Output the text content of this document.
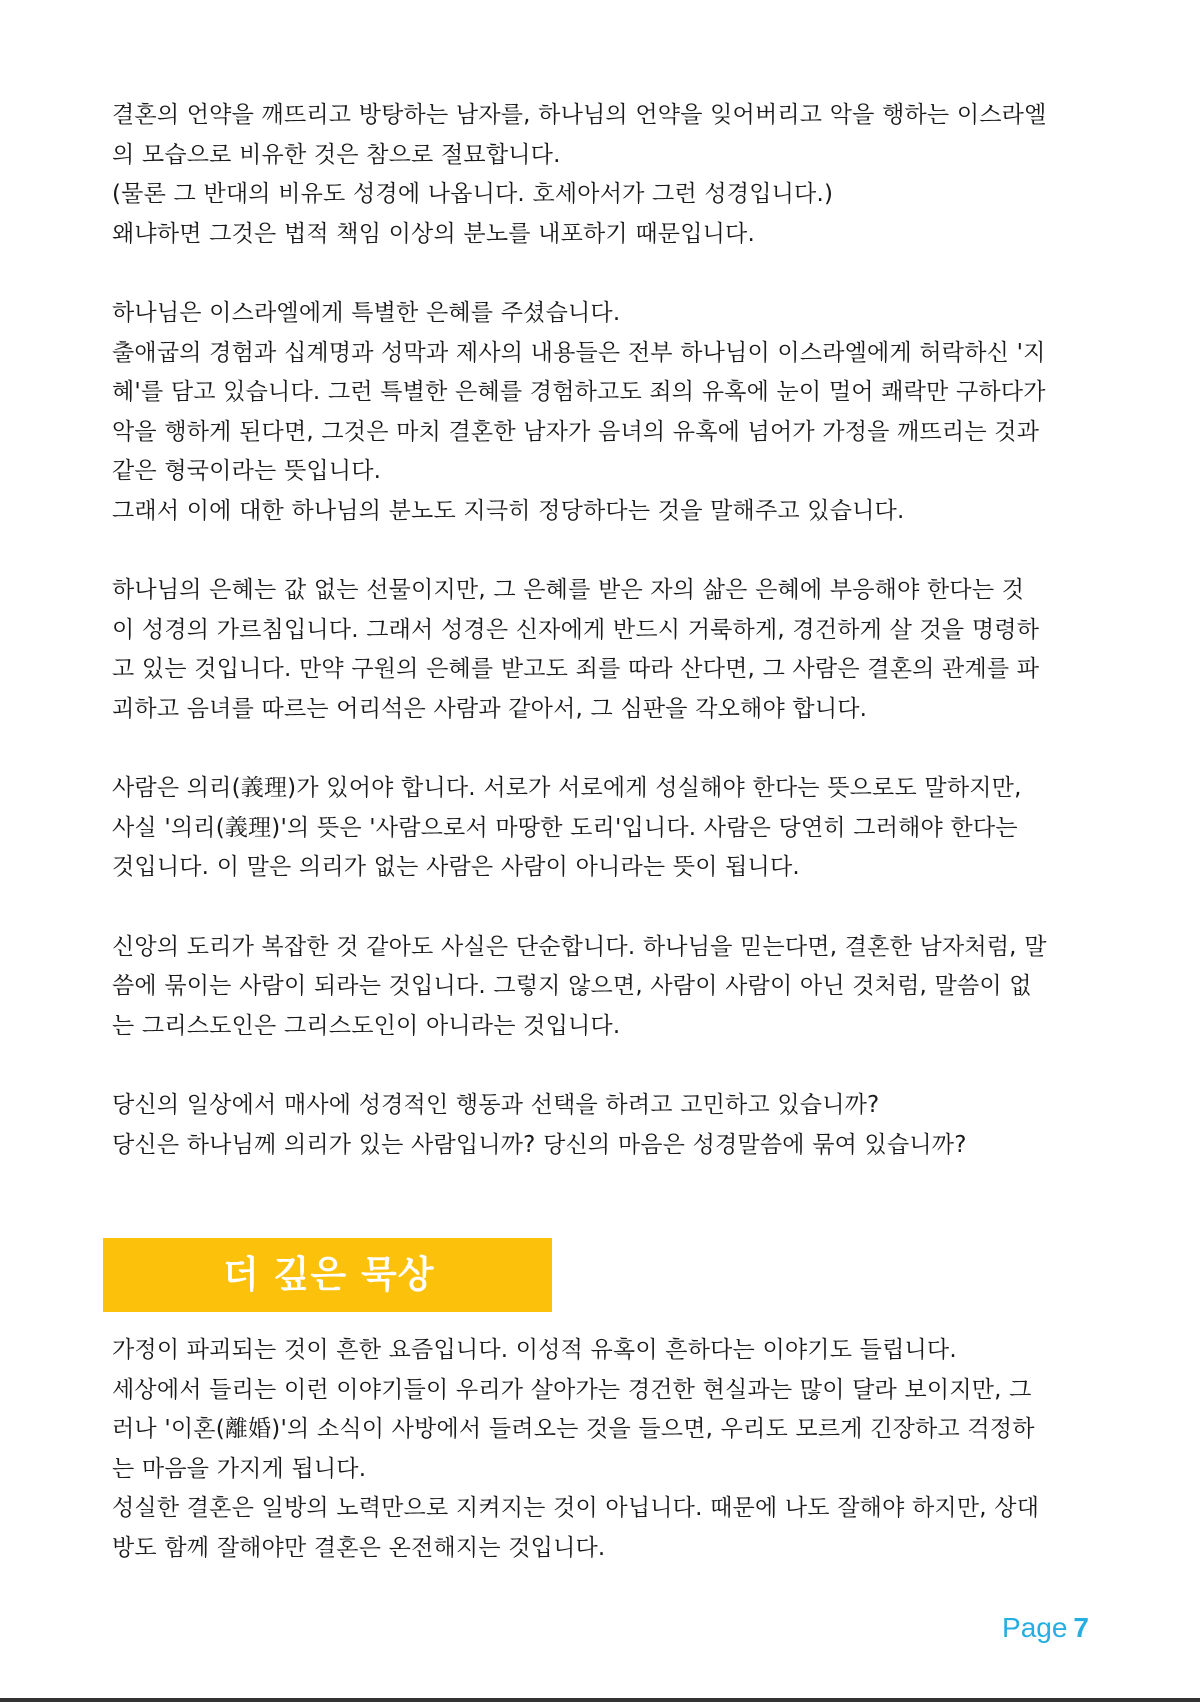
결혼의 언약을 깨뜨리고 방탕하는 남자를, 하나님의 언약을 잊어버리고 악을 행하는 이스라엘
의 모습으로 비유한 것은 참으로 절묘합니다.
(물론 그 반대의 비유도 성경에 나옵니다. 호세아서가 그런 성경입니다.)
왜냐하면 그것은 법적 책임 이상의 분노를 내포하기 때문입니다.
하나님은 이스라엘에게 특별한 은혜를 주셨습니다.
출애굽의 경험과 십계명과 성막과 제사의 내용들은 전부 하나님이 이스라엘에게 허락하신 '지
혜'를 담고 있습니다. 그런 특별한 은혜를 경험하고도 죄의 유혹에 눈이 멀어 쾌락만 구하다가
악을 행하게 된다면, 그것은 마치 결혼한 남자가 음녀의 유혹에 넘어가 가정을 깨뜨리는 것과
같은 형국이라는 뜻입니다.
그래서 이에 대한 하나님의 분노도 지극히 정당하다는 것을 말해주고 있습니다.
하나님의 은혜는 값 없는 선물이지만, 그 은혜를 받은 자의 삶은 은혜에 부응해야 한다는 것
이 성경의 가르침입니다. 그래서 성경은 신자에게 반드시 거룩하게, 경건하게 살 것을 명령하
고 있는 것입니다. 만약 구원의 은혜를 받고도 죄를 따라 산다면, 그 사람은 결혼의 관계를 파
괴하고 음녀를 따르는 어리석은 사람과 같아서, 그 심판을 각오해야 합니다.
사람은 의리(義理)가 있어야 합니다. 서로가 서로에게 성실해야 한다는 뜻으로도 말하지만,
사실 '의리(義理)'의 뜻은 '사람으로서 마땅한 도리'입니다. 사람은 당연히 그러해야 한다는
것입니다. 이 말은 의리가 없는 사람은 사람이 아니라는 뜻이 됩니다.
신앙의 도리가 복잡한 것 같아도 사실은 단순합니다. 하나님을 믿는다면, 결혼한 남자처럼, 말
씀에 묶이는 사람이 되라는 것입니다. 그렇지 않으면, 사람이 사람이 아닌 것처럼, 말씀이 없
는 그리스도인은 그리스도인이 아니라는 것입니다.
당신의 일상에서 매사에 성경적인 행동과 선택을 하려고 고민하고 있습니까?
당신은 하나님께 의리가 있는 사람입니까? 당신의 마음은 성경말씀에 묶여 있습니까?
더 깊은 묵상
가정이 파괴되는 것이 흔한 요즘입니다. 이성적 유혹이 흔하다는 이야기도 들립니다.
세상에서 들리는 이런 이야기들이 우리가 살아가는 경건한 현실과는 많이 달라 보이지만, 그
러나 '이혼(離婚)'의 소식이 사방에서 들려오는 것을 들으면, 우리도 모르게 긴장하고 걱정하
는 마음을 가지게 됩니다.
성실한 결혼은 일방의 노력만으로 지켜지는 것이 아닙니다. 때문에 나도 잘해야 하지만, 상대
방도 함께 잘해야만 결혼은 온전해지는 것입니다.
Page 7
